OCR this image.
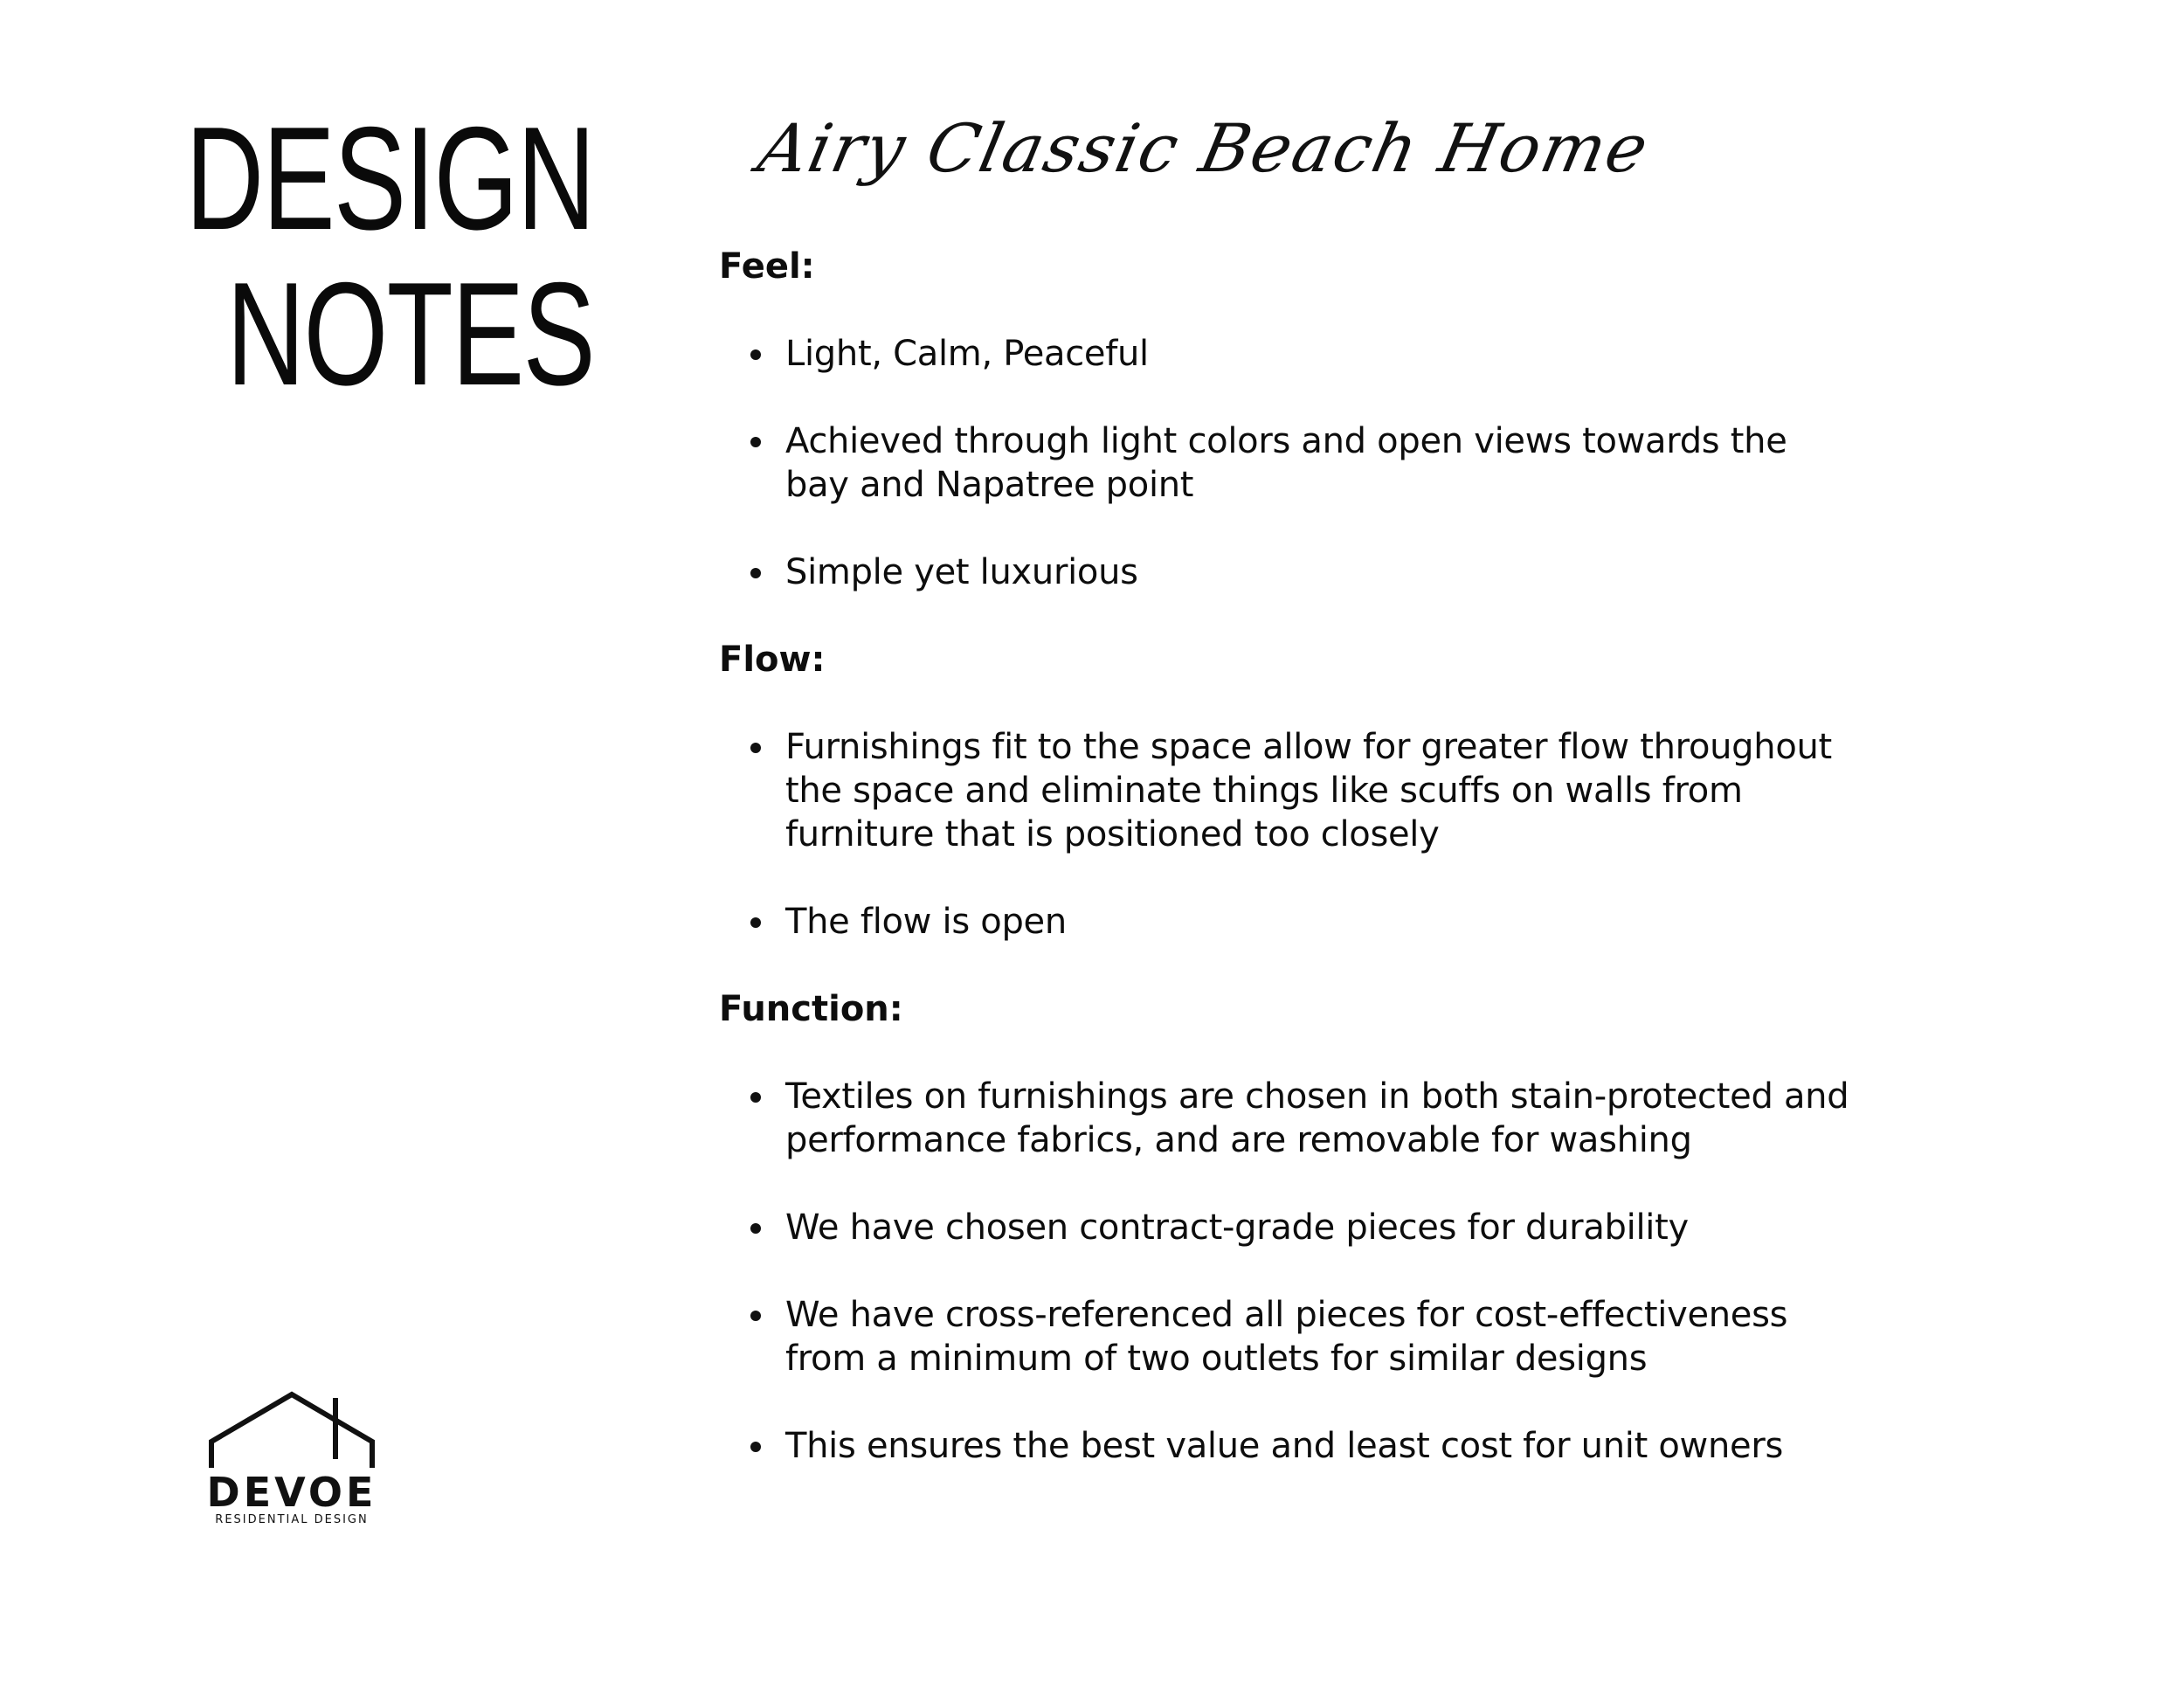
DESIGN
NOTES
Airy Classic Beach Home

Feel:

Light, Calm, Peaceful
Achieved through light colors and open views towards the
bay and Napatree point
Simple yet luxurious

Flow:

Furnishings fit to the space allow for greater flow throughout
the space and eliminate things like scuffs on walls from
furniture that is positioned too closely
The flow is open

Function:

Textiles on furnishings are chosen in both stain-protected and
performance fabrics, and are removable for washing
We have chosen contract-grade pieces for durability
We have cross-referenced all pieces for cost-effectiveness
from a minimum of two outlets for similar designs
This ensures the best value and least cost for unit owners
DEVOE
RESIDENTIAL DESIGN
